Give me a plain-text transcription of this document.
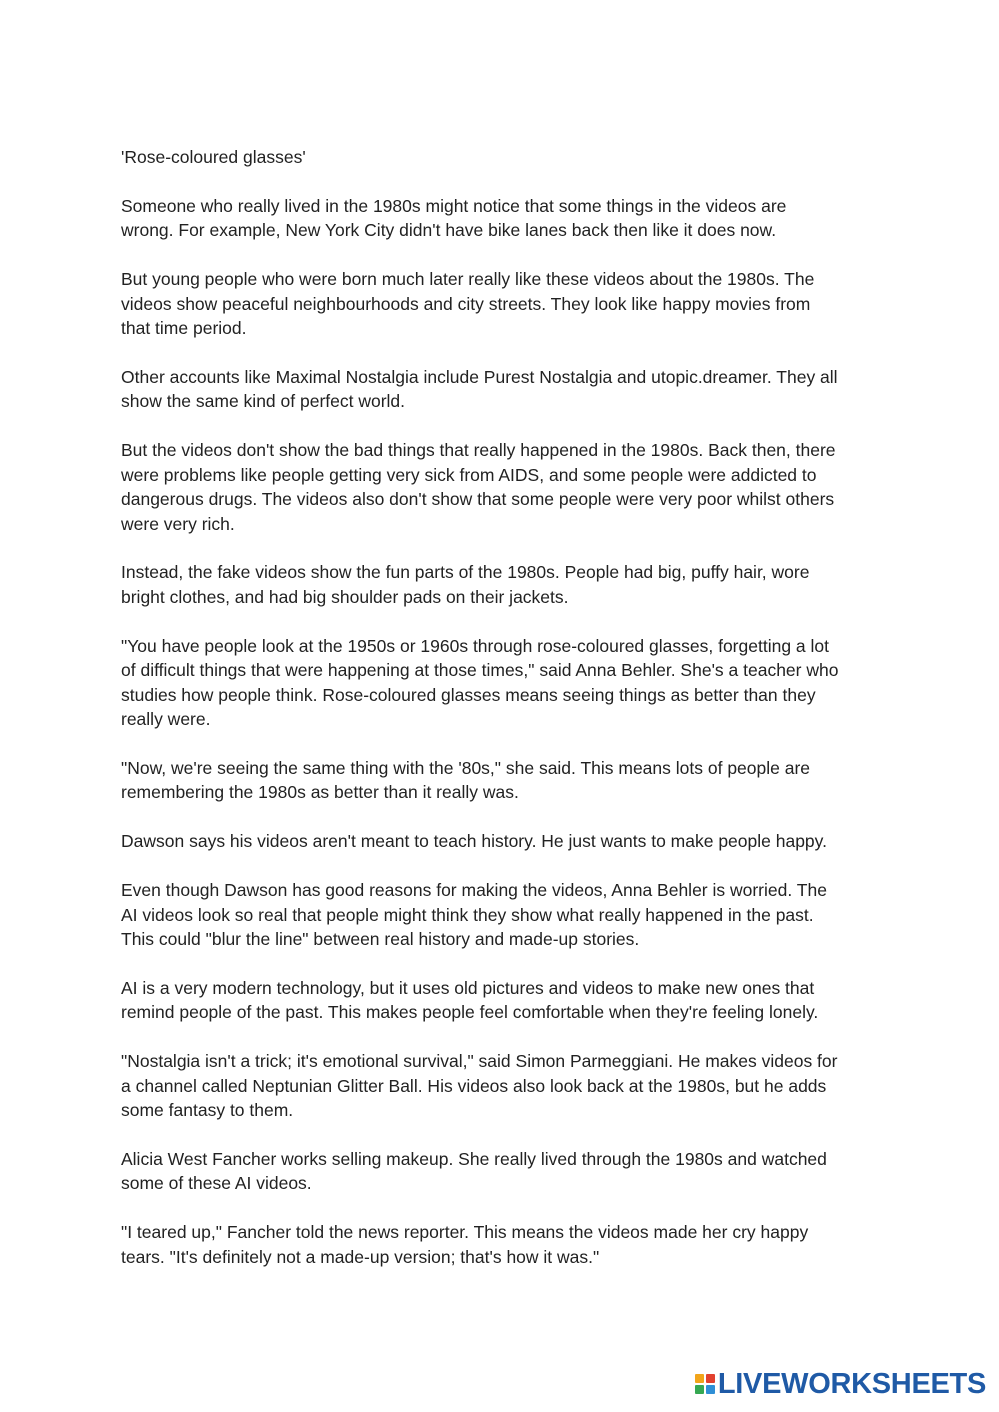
'Rose-coloured glasses'

Someone who really lived in the 1980s might notice that some things in the videos are
wrong. For example, New York City didn't have bike lanes back then like it does now.

But young people who were born much later really like these videos about the 1980s. The
videos show peaceful neighbourhoods and city streets. They look like happy movies from
that time period.

Other accounts like Maximal Nostalgia include Purest Nostalgia and utopic.dreamer. They all
show the same kind of perfect world.

But the videos don't show the bad things that really happened in the 1980s. Back then, there
were problems like people getting very sick from AIDS, and some people were addicted to
dangerous drugs. The videos also don't show that some people were very poor whilst others
were very rich.

Instead, the fake videos show the fun parts of the 1980s. People had big, puffy hair, wore
bright clothes, and had big shoulder pads on their jackets.

"You have people look at the 1950s or 1960s through rose-coloured glasses, forgetting a lot
of difficult things that were happening at those times," said Anna Behler. She's a teacher who
studies how people think. Rose-coloured glasses means seeing things as better than they
really were.

"Now, we're seeing the same thing with the '80s," she said. This means lots of people are
remembering the 1980s as better than it really was.

Dawson says his videos aren't meant to teach history. He just wants to make people happy.

Even though Dawson has good reasons for making the videos, Anna Behler is worried. The
AI videos look so real that people might think they show what really happened in the past.
This could "blur the line" between real history and made-up stories.

AI is a very modern technology, but it uses old pictures and videos to make new ones that
remind people of the past. This makes people feel comfortable when they're feeling lonely.

"Nostalgia isn't a trick; it's emotional survival," said Simon Parmeggiani. He makes videos for
a channel called Neptunian Glitter Ball. His videos also look back at the 1980s, but he adds
some fantasy to them.

Alicia West Fancher works selling makeup. She really lived through the 1980s and watched
some of these AI videos.

"I teared up," Fancher told the news reporter. This means the videos made her cry happy
tears. "It's definitely not a made-up version; that's how it was."

LIVEWORKSHEETS
